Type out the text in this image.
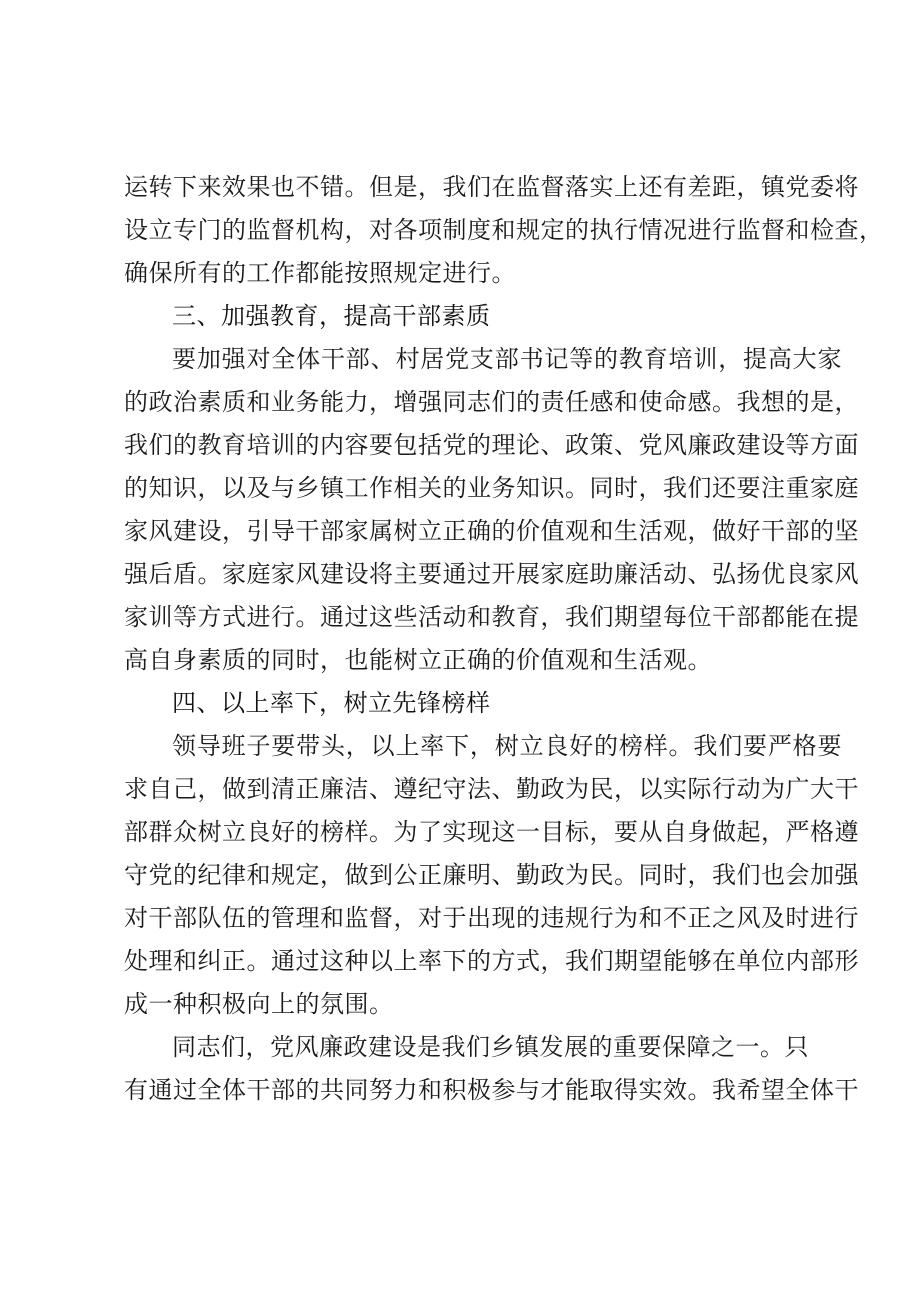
运转下来效果也不错。但是，我们在监督落实上还有差距，镇党委将
设立专门的监督机构，对各项制度和规定的执行情况进行监督和检查，
确保所有的工作都能按照规定进行。
三、加强教育，提高干部素质
要加强对全体干部、村居党支部书记等的教育培训，提高大家
的政治素质和业务能力，增强同志们的责任感和使命感。我想的是，
我们的教育培训的内容要包括党的理论、政策、党风廉政建设等方面
的知识，以及与乡镇工作相关的业务知识。同时，我们还要注重家庭
家风建设，引导干部家属树立正确的价值观和生活观，做好干部的坚
强后盾。家庭家风建设将主要通过开展家庭助廉活动、弘扬优良家风
家训等方式进行。通过这些活动和教育，我们期望每位干部都能在提
高自身素质的同时，也能树立正确的价值观和生活观。
四、以上率下，树立先锋榜样
领导班子要带头，以上率下，树立良好的榜样。我们要严格要
求自己，做到清正廉洁、遵纪守法、勤政为民，以实际行动为广大干
部群众树立良好的榜样。为了实现这一目标，要从自身做起，严格遵
守党的纪律和规定，做到公正廉明、勤政为民。同时，我们也会加强
对干部队伍的管理和监督，对于出现的违规行为和不正之风及时进行
处理和纠正。通过这种以上率下的方式，我们期望能够在单位内部形
成一种积极向上的氛围。
同志们，党风廉政建设是我们乡镇发展的重要保障之一。只
有通过全体干部的共同努力和积极参与才能取得实效。我希望全体干
